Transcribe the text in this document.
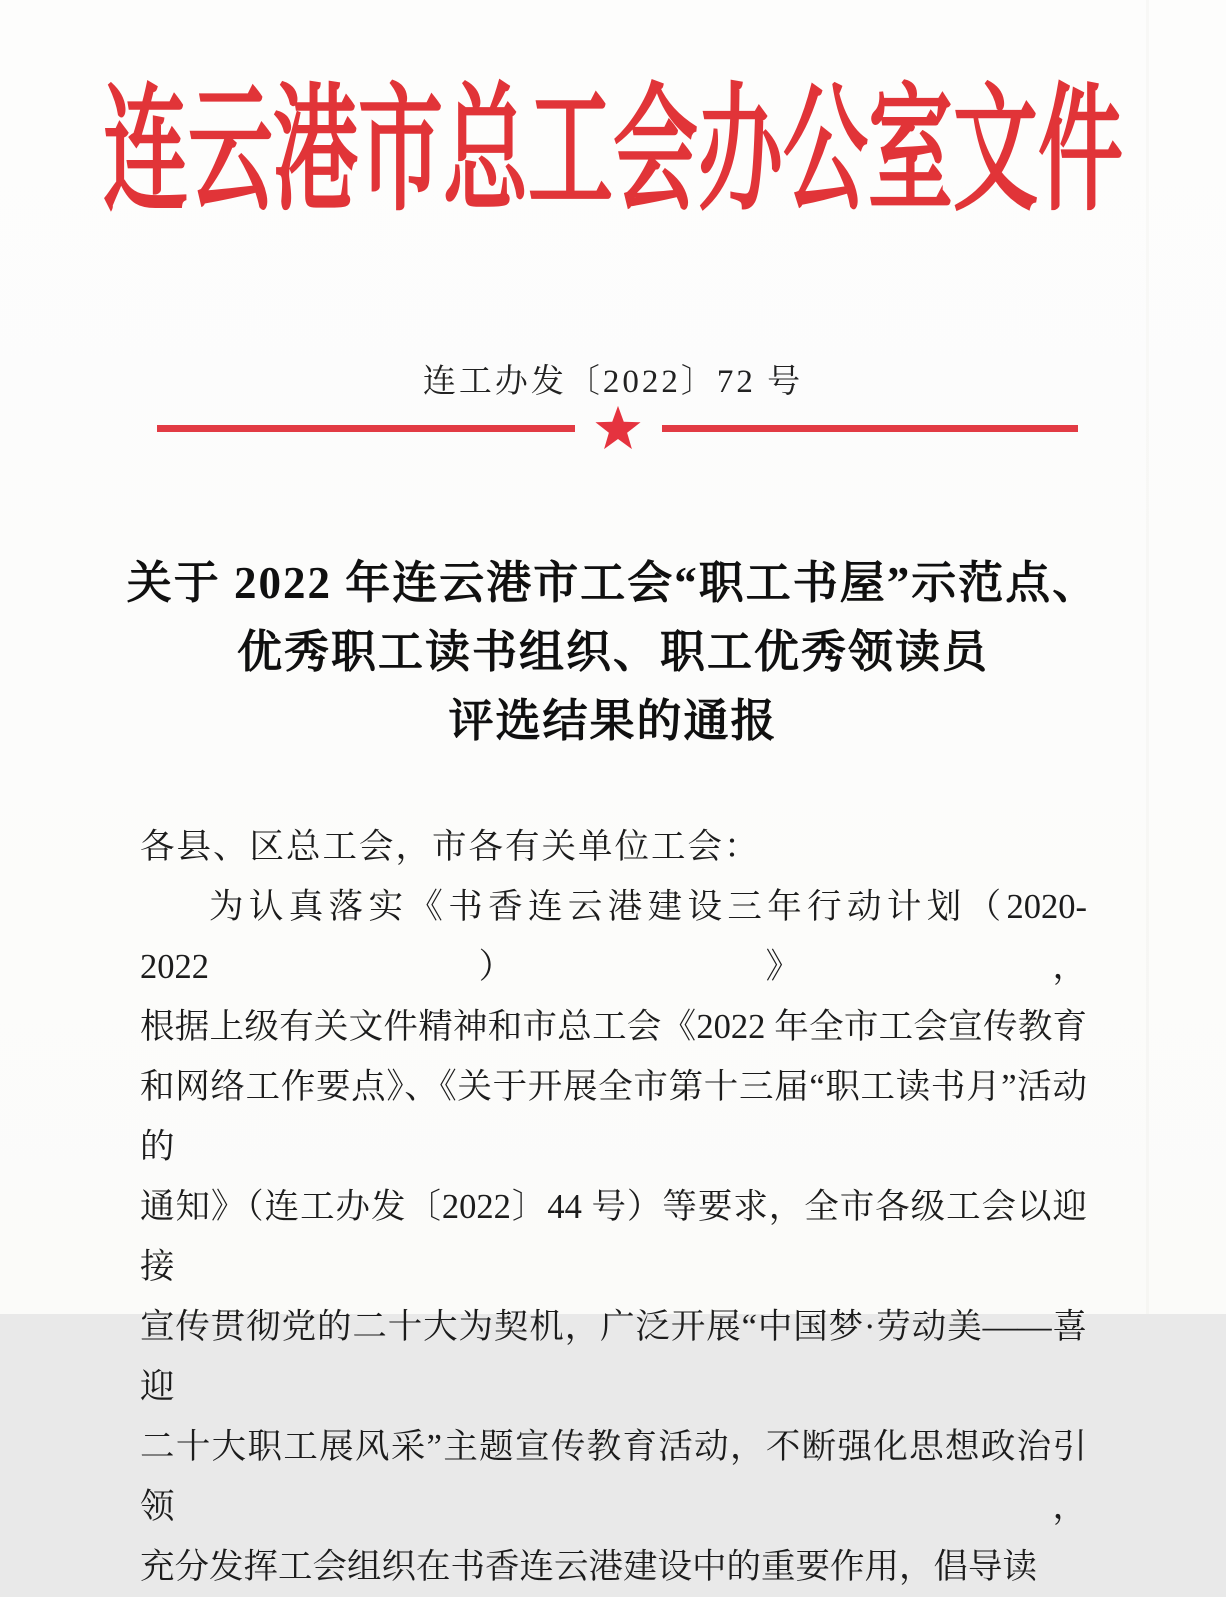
连云港市总工会办公室文件
连工办发〔2022〕72 号
关于 2022 年连云港市工会“职工书屋”示范点、
优秀职工读书组织、职工优秀领读员
评选结果的通报
各县、区总工会，市各有关单位工会：
为认真落实《书香连云港建设三年行动计划（2020-2022）》，
根据上级有关文件精神和市总工会《2022 年全市工会宣传教育
和网络工作要点》、《关于开展全市第十三届“职工读书月”活动的
通知》（连工办发〔2022〕44 号）等要求，全市各级工会以迎接
宣传贯彻党的二十大为契机，广泛开展“中国梦·劳动美——喜迎
二十大职工展风采”主题宣传教育活动，不断强化思想政治引领，
充分发挥工会组织在书香连云港建设中的重要作用，倡导读
